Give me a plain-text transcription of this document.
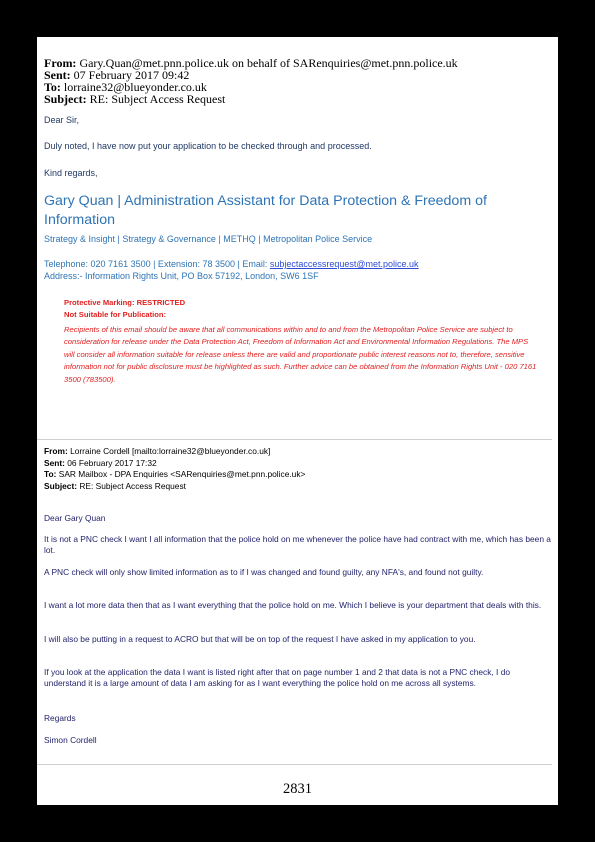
From: Gary.Quan@met.pnn.police.uk on behalf of SARenquiries@met.pnn.police.uk
Sent: 07 February 2017 09:42
To: lorraine32@blueyonder.co.uk
Subject: RE: Subject Access Request
Dear Sir,
Duly noted, I have now put your application to be checked through and processed.
Kind regards,
Gary Quan | Administration Assistant for Data Protection & Freedom of
Information
Strategy & Insight | Strategy & Governance | METHQ | Metropolitan Police Service
Telephone: 020 7161 3500 | Extension: 78 3500 | Email: subjectaccessrequest@met.police.uk
Address:- Information Rights Unit, PO Box 57192, London, SW6 1SF
Protective Marking: RESTRICTED
Not Suitable for Publication:
Recipients of this email should be aware that all communications within and to and from the Metropolitan Police Service are subject to consideration for release under the Data Protection Act, Freedom of Information Act and Environmental Information Regulations. The MPS will consider all information suitable for release unless there are valid and proportionate public interest reasons not to, therefore, sensitive information not for public disclosure must be highlighted as such. Further advice can be obtained from the Information Rights Unit - 020 7161 3500 (783500).
From: Lorraine Cordell [mailto:lorraine32@blueyonder.co.uk]
Sent: 06 February 2017 17:32
To: SAR Mailbox - DPA Enquiries <SARenquiries@met.pnn.police.uk>
Subject: RE: Subject Access Request
Dear Gary Quan
It is not a PNC check I want I all information that the police hold on me whenever the police have had contract with me, which has been a lot.
A PNC check will only show limited information as to if I was changed and found guilty, any NFA's, and found not guilty.
I want a lot more data then that as I want everything that the police hold on me. Which I believe is your department that deals with this.
I will also be putting in a request to ACRO but that will be on top of the request I have asked in my application to you.
If you look at the application the data I want is listed right after that on page number 1 and 2 that data is not a PNC check, I do understand it is a large amount of data I am asking for as I want everything the police hold on me across all systems.
Regards
Simon Cordell
2831
